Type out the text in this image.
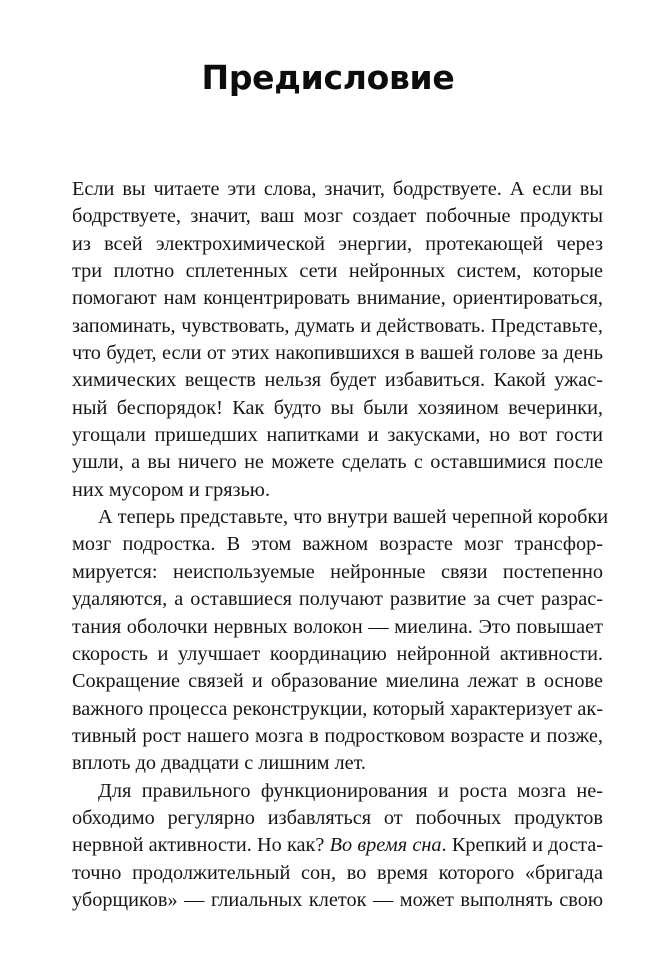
Предисловие
Если вы читаете эти слова, значит, бодрствуете. А если вы
бодрствуете, значит, ваш мозг создает побочные продукты
из всей электрохимической энергии, протекающей через
три плотно сплетенных сети нейронных систем, которые
помогают нам концентрировать внимание, ориентироваться,
запоминать, чувствовать, думать и действовать. Представьте,
что будет, если от этих накопившихся в вашей голове за день
химических веществ нельзя будет избавиться. Какой ужас-
ный беспорядок! Как будто вы были хозяином вечеринки,
угощали пришедших напитками и закусками, но вот гости
ушли, а вы ничего не можете сделать с оставшимися после
них мусором и грязью.
А теперь представьте, что внутри вашей черепной коробки
мозг подростка. В этом важном возрасте мозг трансфор-
мируется: неиспользуемые нейронные связи постепенно
удаляются, а оставшиеся получают развитие за счет разрас-
тания оболочки нервных волокон — миелина. Это повышает
скорость и улучшает координацию нейронной активности.
Сокращение связей и образование миелина лежат в основе
важного процесса реконструкции, который характеризует ак-
тивный рост нашего мозга в подростковом возрасте и позже,
вплоть до двадцати с лишним лет.
Для правильного функционирования и роста мозга не-
обходимо регулярно избавляться от побочных продуктов
нервной активности. Но как? Во время сна. Крепкий и доста-
точно продолжительный сон, во время которого «бригада
уборщиков» — глиальных клеток — может выполнять свою
